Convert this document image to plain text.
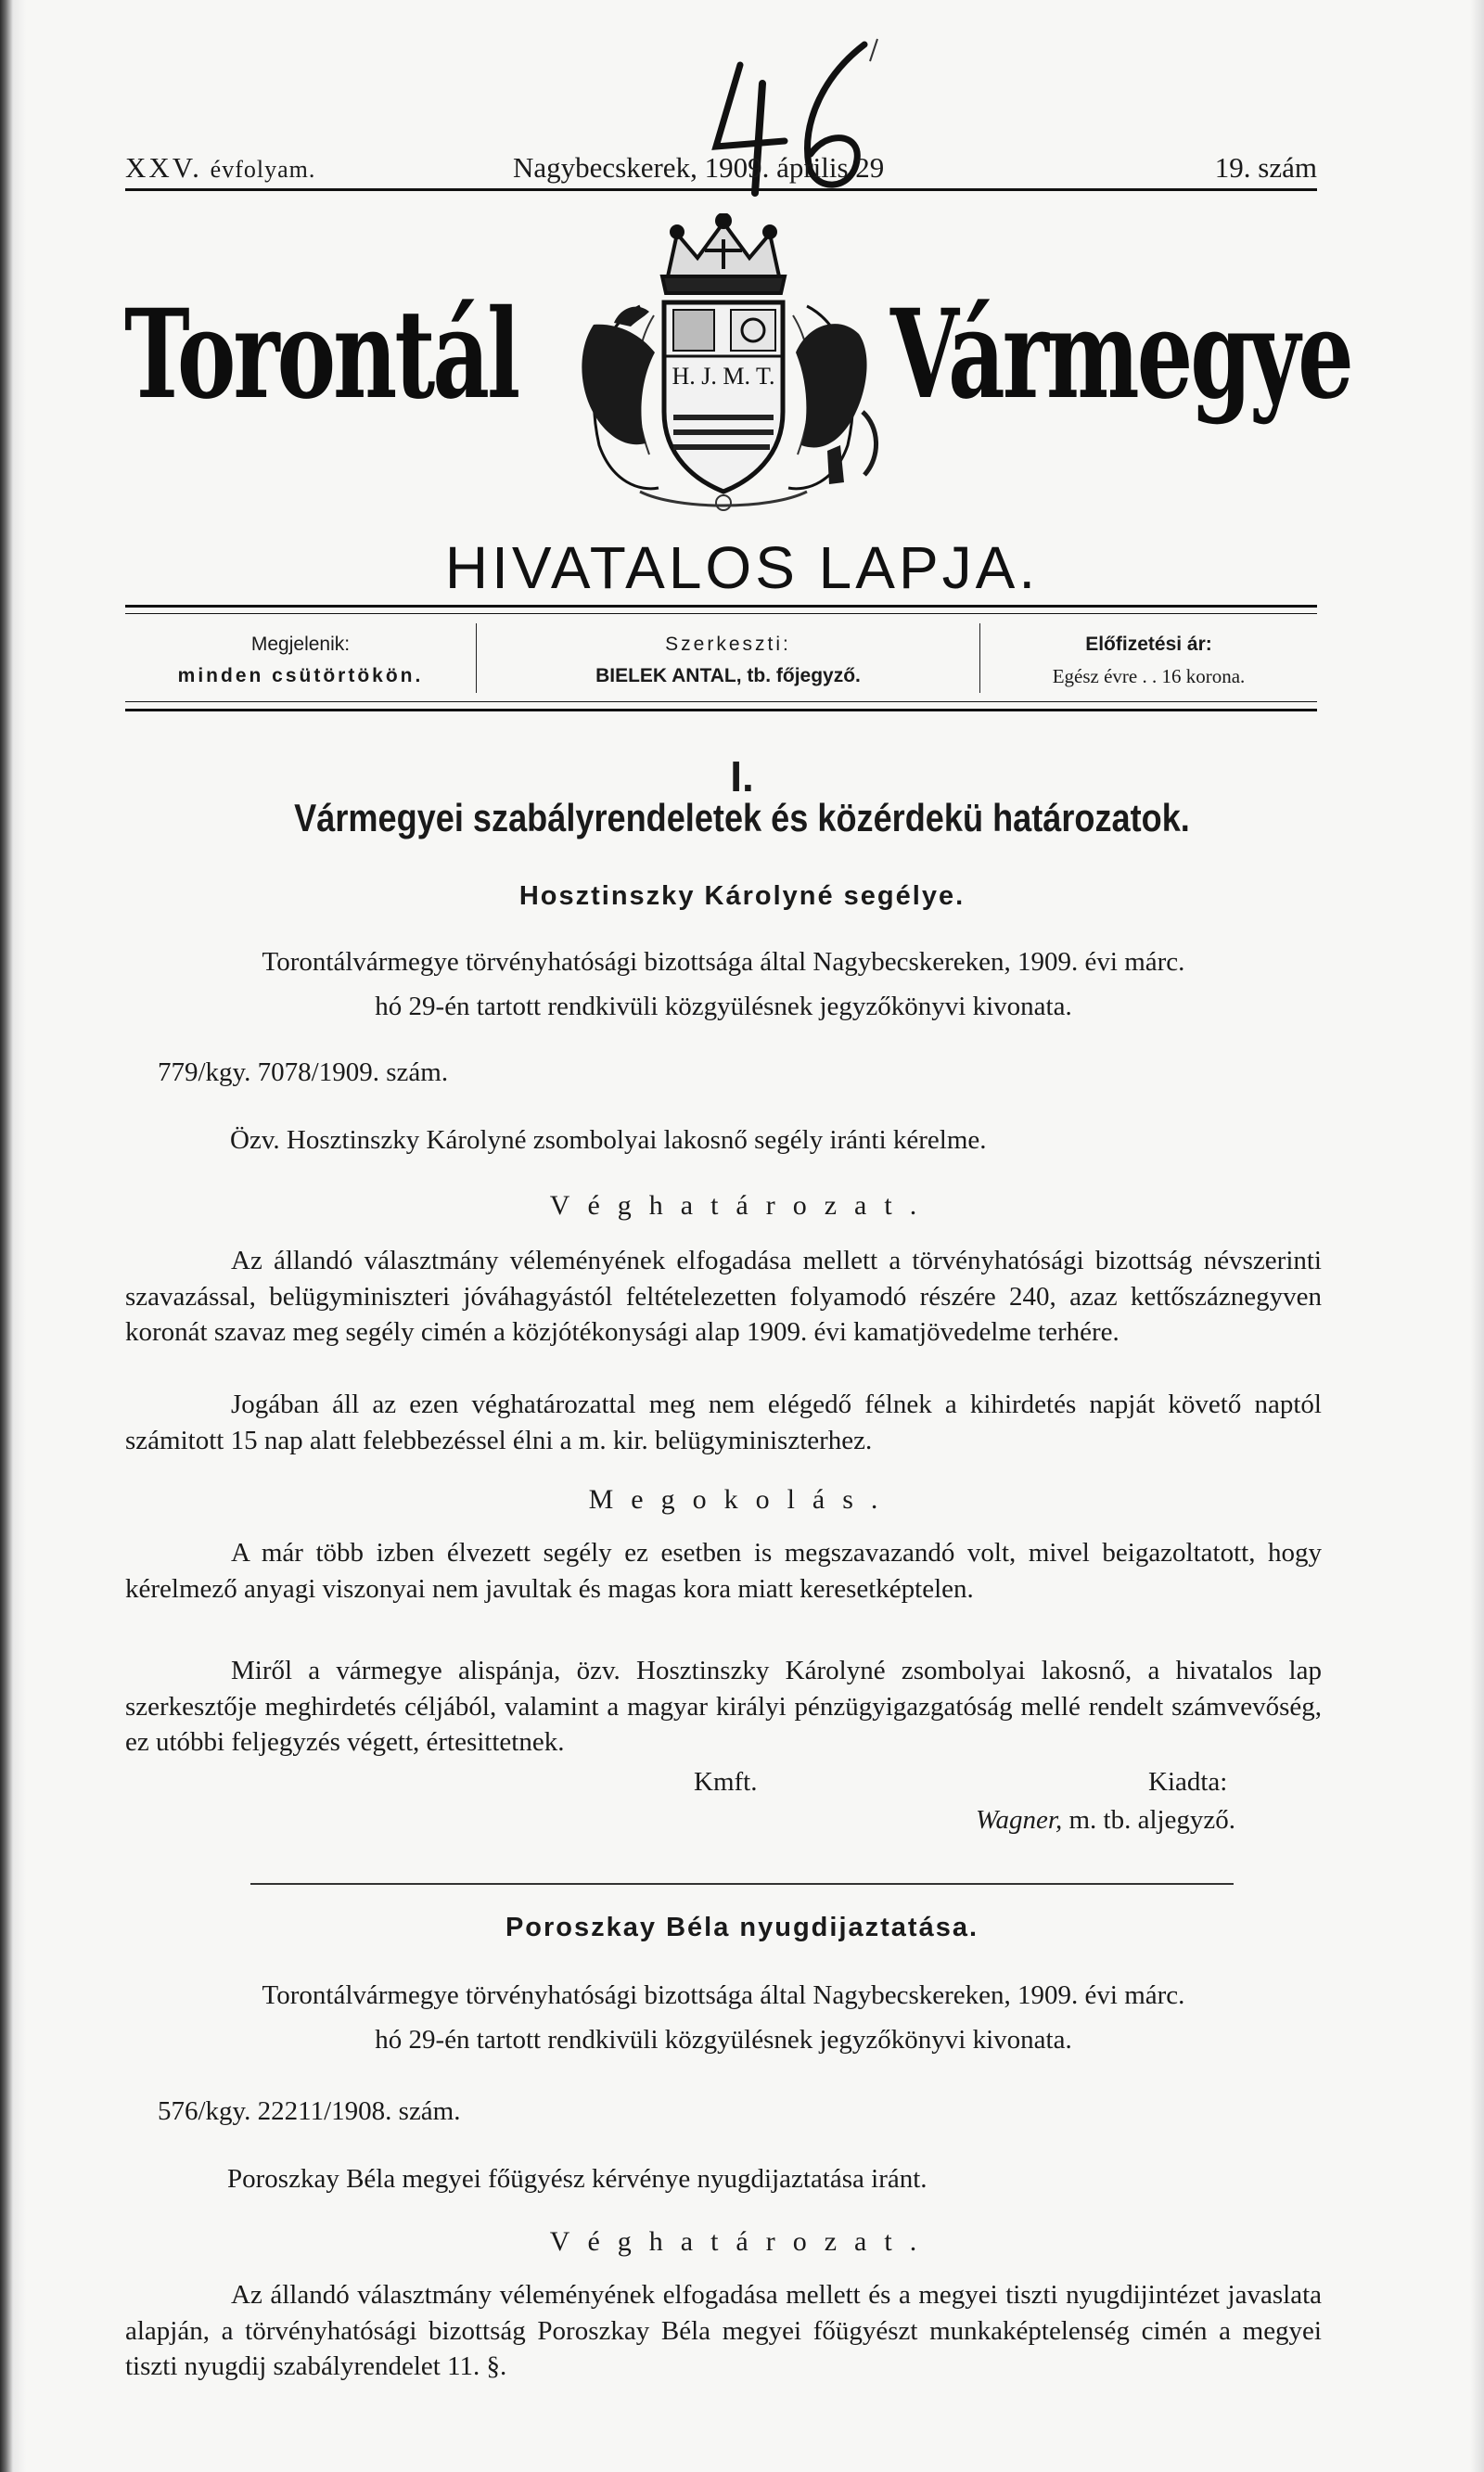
XXV. évfolyam.	Nagybecskerek, 1909. április 29	19. szám
Torontál	Vármegye
H. J. M. T.
HIVATALOS LAPJA.
Megjelenik:
minden csütörtökön.
Szerkeszti:
BIELEK ANTAL, tb. főjegyző.
Előfizetési ár:
Egész évre . . 16 korona.
I.
Vármegyei szabályrendeletek és közérdekü határozatok.
Hosztinszky Károlyné segélye.
Torontálvármegye törvényhatósági bizottsága által Nagybecskereken, 1909. évi márc.
hó 29-én tartott rendkivüli közgyülésnek jegyzőkönyvi kivonata.
779/kgy. 7078/1909. szám.
Özv. Hosztinszky Károlyné zsombolyai lakosnő segély iránti kérelme.
Véghatározat.
Az állandó választmány véleményének elfogadása mellett a törvényhatósági bizottság névszerinti szavazással, belügyminiszteri jóváhagyástól feltételezetten folyamodó részére 240, azaz kettőszáznegyven koronát szavaz meg segély cimén a közjótékonysági alap 1909. évi kamatjövedelme terhére.
Jogában áll az ezen véghatározattal meg nem elégedő félnek a kihirdetés napját követő naptól számitott 15 nap alatt felebbezéssel élni a m. kir. belügyminiszterhez.
Megokolás.
A már több izben élvezett segély ez esetben is megszavazandó volt, mivel beigazoltatott, hogy kérelmező anyagi viszonyai nem javultak és magas kora miatt keresetképtelen.
Miről a vármegye alispánja, özv. Hosztinszky Károlyné zsombolyai lakosnő, a hivatalos lap szerkesztője meghirdetés céljából, valamint a magyar királyi pénzügyigazgatóság mellé rendelt számvevőség, ez utóbbi feljegyzés végett, értesittetnek.
Kmft.	Kiadta:
Wagner, m. tb. aljegyző.
Poroszkay Béla nyugdijaztatása.
Torontálvármegye törvényhatósági bizottsága által Nagybecskereken, 1909. évi márc.
hó 29-én tartott rendkivüli közgyülésnek jegyzőkönyvi kivonata.
576/kgy. 22211/1908. szám.
Poroszkay Béla megyei főügyész kérvénye nyugdijaztatása iránt.
Véghatározat.
Az állandó választmány véleményének elfogadása mellett és a megyei tiszti nyugdijintézet javaslata alapján, a törvényhatósági bizottság Poroszkay Béla megyei főügyészt munkaképtelenség cimén a megyei tiszti nyugdij szabályrendelet 11. §.
